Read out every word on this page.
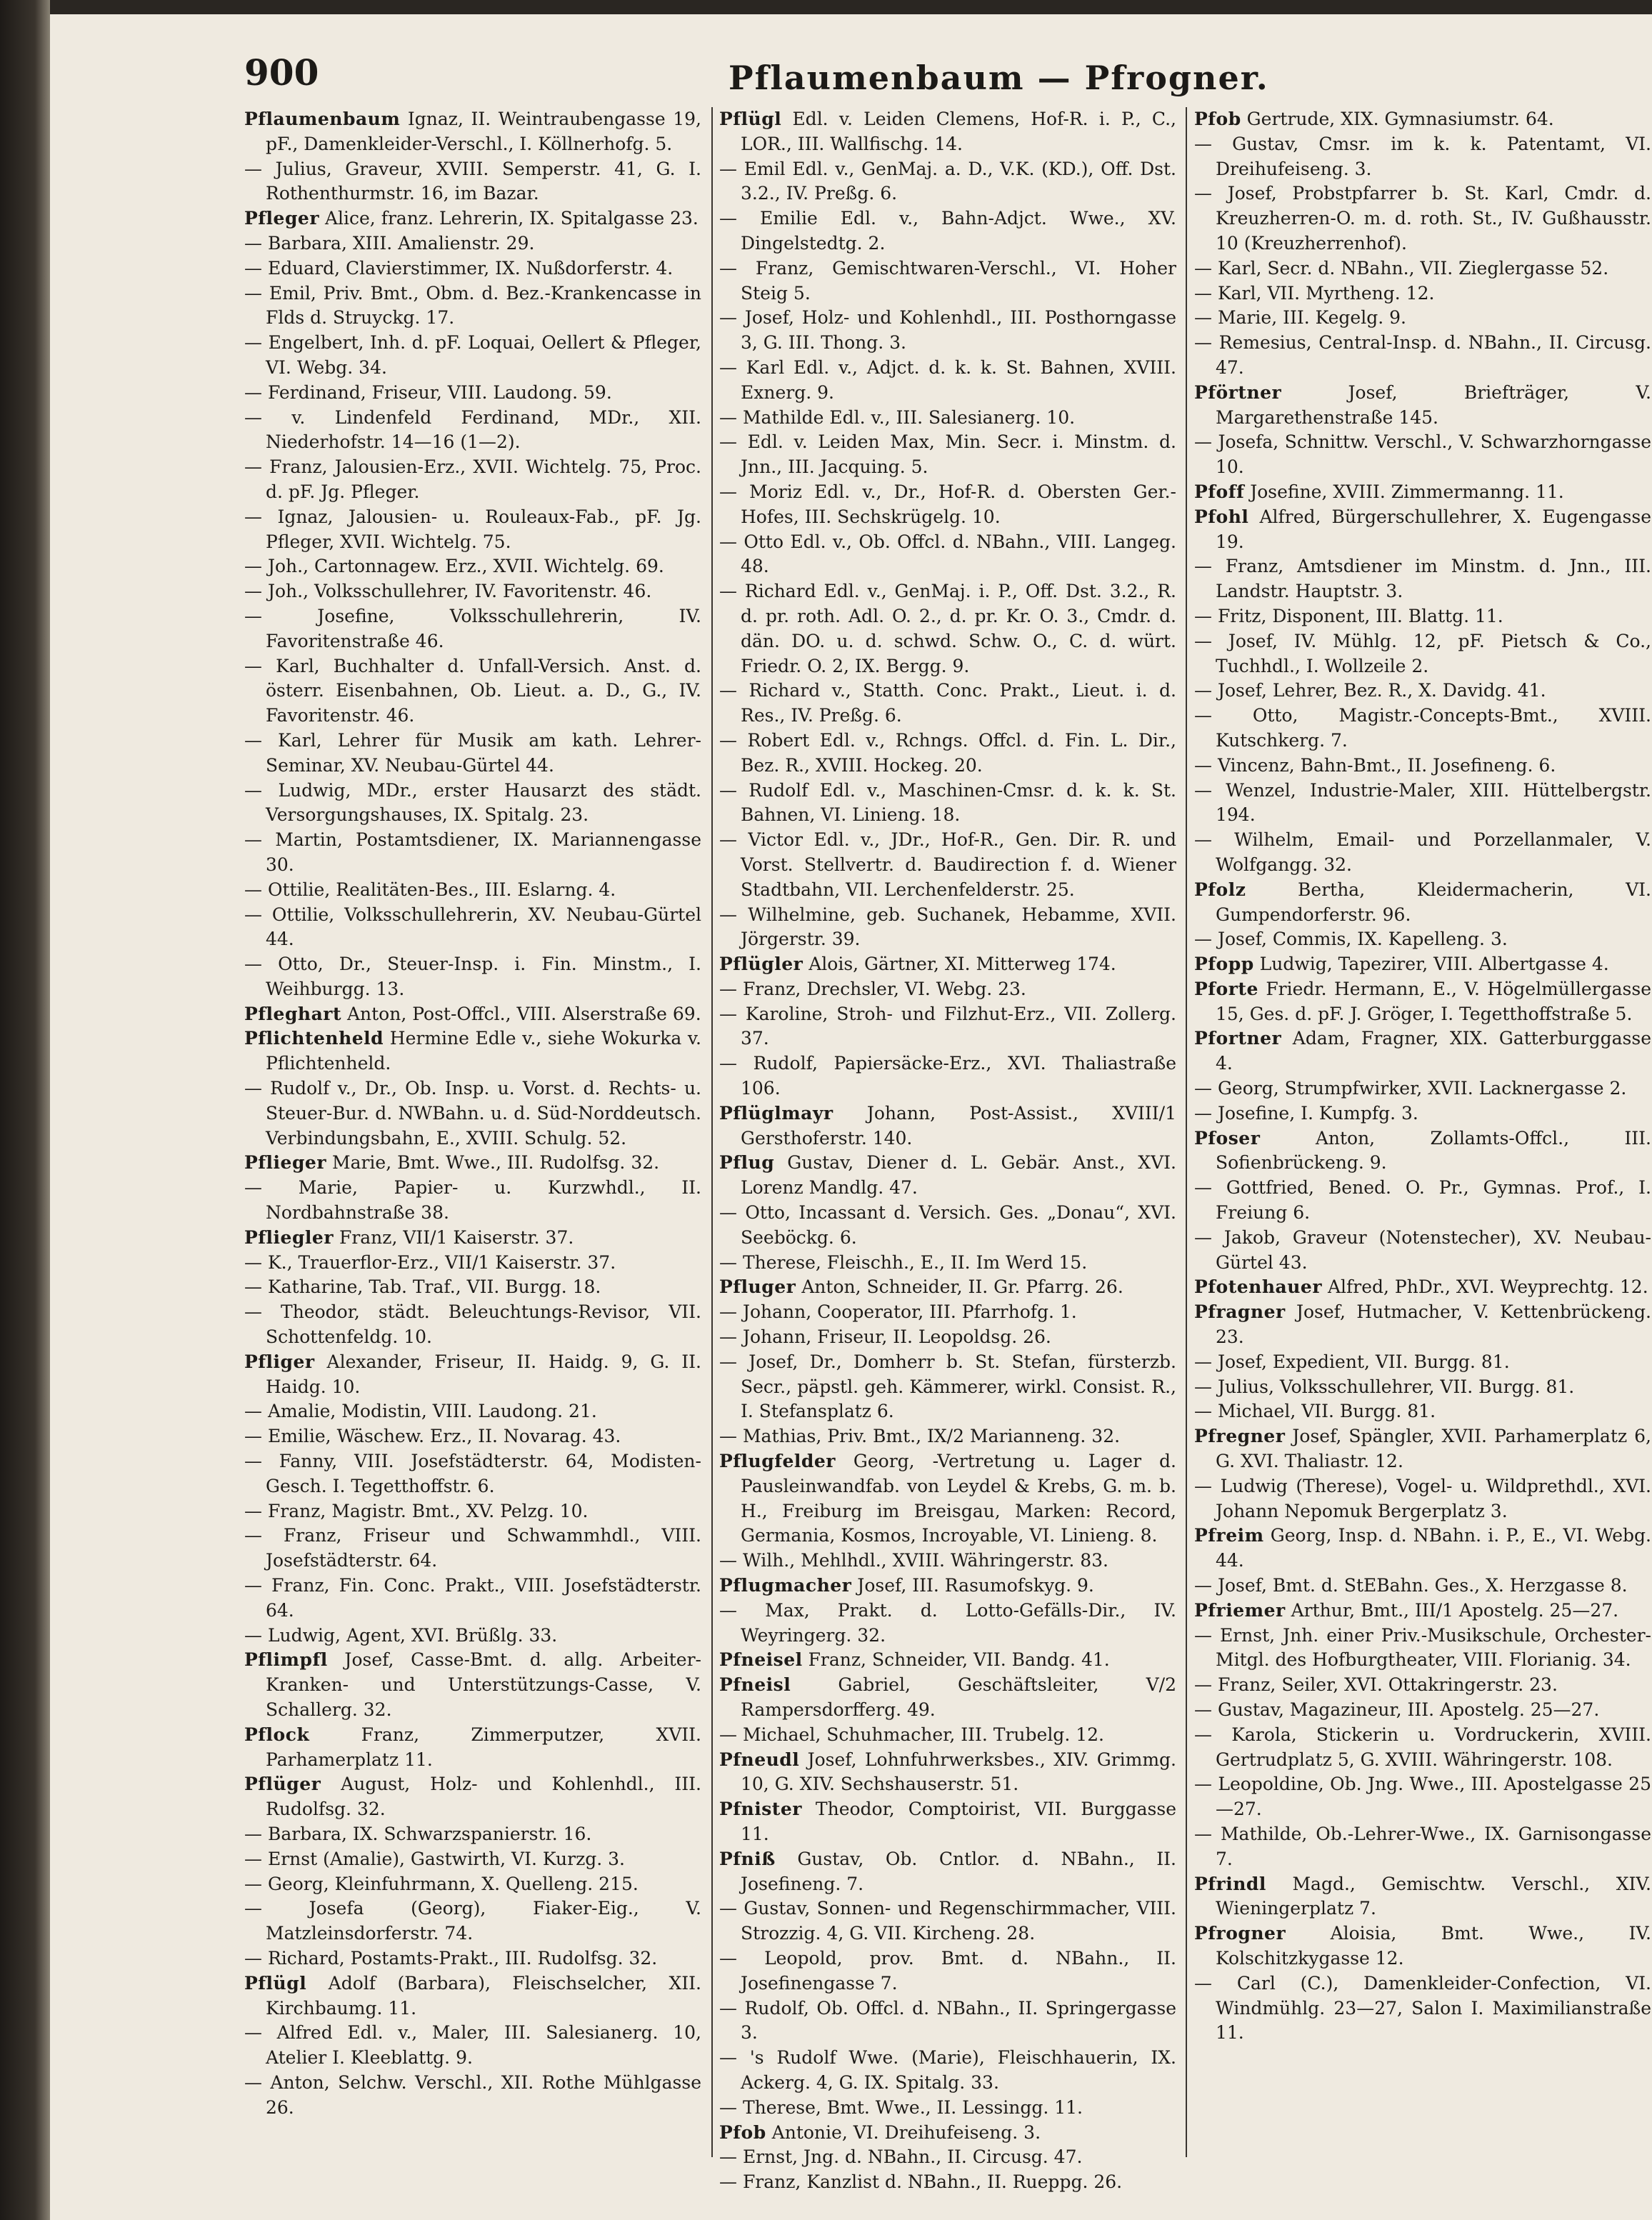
900	Pflaumenbaum — Pfrogner.

Pflaumenbaum Ignaz, II. Weintraubengasse 19, pF., Damenkleider-Verschl., I. Köllnerhofg. 5.

— Julius, Graveur, XVIII. Semperstr. 41, G. I. Rothenthurmstr. 16, im Bazar.

Pfleger Alice, franz. Lehrerin, IX. Spitalgasse 23.

— Barbara, XIII. Amalienstr. 29.

— Eduard, Clavierstimmer, IX. Nußdorferstr. 4.

— Emil, Priv. Bmt., Obm. d. Bez.-Krankencasse in Flds d. Struyckg. 17.

— Engelbert, Inh. d. pF. Loquai, Oellert & Pfleger, VI. Webg. 34.

— Ferdinand, Friseur, VIII. Laudong. 59.

— v. Lindenfeld Ferdinand, MDr., XII. Niederhofstr. 14—16 (1—2).

— Franz, Jalousien-Erz., XVII. Wichtelg. 75, Proc. d. pF. Jg. Pfleger.

— Ignaz, Jalousien- u. Rouleaux-Fab., pF. Jg. Pfleger, XVII. Wichtelg. 75.

— Joh., Cartonnagew. Erz., XVII. Wichtelg. 69.

— Joh., Volksschullehrer, IV. Favoritenstr. 46.

— Josefine, Volksschullehrerin, IV. Favoritenstraße 46.

— Karl, Buchhalter d. Unfall-Versich. Anst. d. österr. Eisenbahnen, Ob. Lieut. a. D., G., IV. Favoritenstr. 46.

— Karl, Lehrer für Musik am kath. Lehrer-Seminar, XV. Neubau-Gürtel 44.

— Ludwig, MDr., erster Hausarzt des städt. Versorgungshauses, IX. Spitalg. 23.

— Martin, Postamtsdiener, IX. Mariannengasse 30.

— Ottilie, Realitäten-Bes., III. Eslarng. 4.

— Ottilie, Volksschullehrerin, XV. Neubau-Gürtel 44.

— Otto, Dr., Steuer-Insp. i. Fin. Minstm., I. Weihburgg. 13.

Pfleghart Anton, Post-Offcl., VIII. Alserstraße 69.

Pflichtenheld Hermine Edle v., siehe Wokurka v. Pflichtenheld.

— Rudolf v., Dr., Ob. Insp. u. Vorst. d. Rechts- u. Steuer-Bur. d. NWBahn. u. d. Süd-Norddeutsch. Verbindungsbahn, E., XVIII. Schulg. 52.

Pflieger Marie, Bmt. Wwe., III. Rudolfsg. 32.

— Marie, Papier- u. Kurzwhdl., II. Nordbahnstraße 38.

Pfliegler Franz, VII/1 Kaiserstr. 37.

— K., Trauerflor-Erz., VII/1 Kaiserstr. 37.

— Katharine, Tab. Traf., VII. Burgg. 18.

— Theodor, städt. Beleuchtungs-Revisor, VII. Schottenfeldg. 10.

Pfliger Alexander, Friseur, II. Haidg. 9, G. II. Haidg. 10.

— Amalie, Modistin, VIII. Laudong. 21.

— Emilie, Wäschew. Erz., II. Novarag. 43.

— Fanny, VIII. Josefstädterstr. 64, Modisten-Gesch. I. Tegetthoffstr. 6.

— Franz, Magistr. Bmt., XV. Pelzg. 10.

— Franz, Friseur und Schwammhdl., VIII. Josefstädterstr. 64.

— Franz, Fin. Conc. Prakt., VIII. Josefstädterstr. 64.

— Ludwig, Agent, XVI. Brüßlg. 33.

Pflimpfl Josef, Casse-Bmt. d. allg. Arbeiter-Kranken- und Unterstützungs-Casse, V. Schallerg. 32.

Pflock	Franz, Zimmerputzer, XVII. Parhamerplatz 11.

Pflüger August, Holz- und Kohlenhdl., III. Rudolfsg. 32.

— Barbara, IX. Schwarzspanierstr. 16.

— Ernst (Amalie), Gastwirth, VI. Kurzg. 3.

— Georg, Kleinfuhrmann, X. Quelleng. 215.

— Josefa (Georg), Fiaker-Eig., V. Matzleinsdorferstr. 74.

— Richard, Postamts-Prakt., III. Rudolfsg. 32.

Pflügl Adolf (Barbara), Fleischselcher, XII. Kirchbaumg. 11.

— Alfred Edl. v., Maler, III. Salesianerg. 10, Atelier I. Kleeblattg. 9.

— Anton, Selchw. Verschl., XII. Rothe Mühlgasse 26.

Pflügl Edl. v. Leiden Clemens, Hof-R. i. P., C., LOR., III. Wallfischg. 14.

— Emil Edl. v., GenMaj. a. D., V.K. (KD.), Off. Dst. 3.2., IV. Preßg. 6.

— Emilie Edl. v., Bahn-Adjct. Wwe., XV. Dingelstedtg. 2.

— Franz, Gemischtwaren-Verschl., VI. Hoher Steig 5.

— Josef, Holz- und Kohlenhdl., III. Posthorngasse 3, G. III. Thong. 3.

— Karl Edl. v., Adjct. d. k. k. St. Bahnen, XVIII. Exnerg. 9.

— Mathilde Edl. v., III. Salesianerg. 10.

— Edl. v. Leiden Max, Min. Secr. i. Minstm. d. Jnn., III. Jacquing. 5.

— Moriz Edl. v., Dr., Hof-R. d. Obersten Ger.-Hofes, III. Sechskrügelg. 10.

— Otto Edl. v., Ob. Offcl. d. NBahn., VIII. Langeg. 48.

— Richard Edl. v., GenMaj. i. P., Off. Dst. 3.2., R. d. pr. roth. Adl. O. 2., d. pr. Kr. O. 3., Cmdr. d. dän. DO. u. d. schwd. Schw. O., C. d. würt. Friedr. O. 2, IX. Bergg. 9.

— Richard v., Statth. Conc. Prakt., Lieut. i. d. Res., IV. Preßg. 6.

— Robert Edl. v., Rchngs. Offcl. d. Fin. L. Dir., Bez. R., XVIII. Hockeg. 20.

— Rudolf Edl. v., Maschinen-Cmsr. d. k. k. St. Bahnen, VI. Linieng. 18.

— Victor Edl. v., JDr., Hof-R., Gen. Dir. R. und Vorst. Stellvertr. d. Baudirection f. d. Wiener Stadtbahn, VII. Lerchenfelderstr. 25.

— Wilhelmine, geb. Suchanek, Hebamme, XVII. Jörgerstr. 39.

Pflügler Alois, Gärtner, XI. Mitterweg 174.

— Franz, Drechsler, VI. Webg. 23.

— Karoline, Stroh- und Filzhut-Erz., VII. Zollerg. 37.

— Rudolf, Papiersäcke-Erz., XVI. Thaliastraße 106.

Pflüglmayr Johann, Post-Assist., XVIII/1 Gersthoferstr. 140.

Pflug Gustav, Diener d. L. Gebär. Anst., XVI. Lorenz Mandlg. 47.

— Otto, Incassant d. Versich. Ges. „Donau“, XVI. Seeböckg. 6.

— Therese, Fleischh., E., II. Im Werd 15.

Pfluger Anton, Schneider, II. Gr. Pfarrg. 26.

— Johann, Cooperator, III. Pfarrhofg. 1.

— Johann, Friseur, II. Leopoldsg. 26.

— Josef, Dr., Domherr b. St. Stefan, fürsterzb. Secr., päpstl. geh. Kämmerer, wirkl. Consist. R., I. Stefansplatz 6.

— Mathias, Priv. Bmt., IX/2 Marianneng. 32.

Pflugfelder Georg, -Vertretung u. Lager d. Pausleinwandfab. von Leydel & Krebs, G. m. b. H., Freiburg im Breisgau, Marken: Record, Germania, Kosmos, Incroyable, VI. Linieng. 8.

— Wilh., Mehlhdl., XVIII. Währingerstr. 83.

Pflugmacher Josef, III. Rasumofskyg. 9.

— Max, Prakt. d. Lotto-Gefälls-Dir., IV. Weyringerg. 32.

Pfneisel Franz, Schneider, VII. Bandg. 41.

Pfneisl	Gabriel, Geschäftsleiter, V/2 Rampersdorfferg. 49.

— Michael, Schuhmacher, III. Trubelg. 12.

Pfneudl Josef, Lohnfuhrwerksbes., XIV. Grimmg. 10, G. XIV. Sechshauserstr. 51.

Pfnister Theodor, Comptoirist, VII. Burggasse 11.

Pfniß Gustav, Ob. Cntlor. d. NBahn., II. Josefineng. 7.

— Gustav, Sonnen- und Regenschirmmacher, VIII. Strozzig. 4, G. VII. Kircheng. 28.

— Leopold, prov. Bmt. d. NBahn., II. Josefinengasse 7.

— Rudolf, Ob. Offcl. d. NBahn., II. Springergasse 3.

— 's Rudolf Wwe. (Marie), Fleischhauerin, IX. Ackerg. 4, G. IX. Spitalg. 33.

— Therese, Bmt. Wwe., II. Lessingg. 11.

Pfob Antonie, VI. Dreihufeiseng. 3.

— Ernst, Jng. d. NBahn., II. Circusg. 47.

— Franz, Kanzlist d. NBahn., II. Rueppg. 26.

Pfob Gertrude, XIX. Gymnasiumstr. 64.

— Gustav, Cmsr. im k. k. Patentamt, VI. Dreihufeiseng. 3.

— Josef, Probstpfarrer b. St. Karl, Cmdr. d. Kreuzherren-O. m. d. roth. St., IV. Gußhausstr. 10 (Kreuzherrenhof).

— Karl, Secr. d. NBahn., VII. Zieglergasse 52.

— Karl, VII. Myrtheng. 12.

— Marie, III. Kegelg. 9.

— Remesius, Central-Insp. d. NBahn., II. Circusg. 47.

Pförtner	Josef, Briefträger, V. Margarethenstraße 145.

— Josefa, Schnittw. Verschl., V. Schwarzhorngasse 10.

Pfoff Josefine, XVIII. Zimmermanng. 11.

Pfohl Alfred, Bürgerschullehrer, X. Eugengasse 19.

— Franz, Amtsdiener im Minstm. d. Jnn., III. Landstr. Hauptstr. 3.

— Fritz, Disponent, III. Blattg. 11.

— Josef, IV. Mühlg. 12, pF. Pietsch & Co., Tuchhdl., I. Wollzeile 2.

— Josef, Lehrer, Bez. R., X. Davidg. 41.

— Otto, Magistr.-Concepts-Bmt., XVIII. Kutschkerg. 7.

— Vincenz, Bahn-Bmt., II. Josefineng. 6.

— Wenzel, Industrie-Maler, XIII. Hüttelbergstr. 194.

— Wilhelm, Email- und Porzellanmaler, V. Wolfgangg. 32.

Pfolz	Bertha, Kleidermacherin, VI. Gumpendorferstr. 96.

— Josef, Commis, IX. Kapelleng. 3.

Pfopp Ludwig, Tapezirer, VIII. Albertgasse 4.

Pforte Friedr. Hermann, E., V. Högelmüllergasse 15, Ges. d. pF. J. Gröger, I. Tegetthoffstraße 5.

Pfortner Adam, Fragner, XIX. Gatterburggasse 4.

— Georg, Strumpfwirker, XVII. Lacknergasse 2.

— Josefine, I. Kumpfg. 3.

Pfoser	Anton, Zollamts-Offcl., III. Sofienbrückeng. 9.

— Gottfried, Bened. O. Pr., Gymnas. Prof., I. Freiung 6.

— Jakob, Graveur (Notenstecher), XV. Neubau-Gürtel 43.

Pfotenhauer Alfred, PhDr., XVI. Weyprechtg. 12.

Pfragner Josef, Hutmacher, V. Kettenbrückeng. 23.

— Josef, Expedient, VII. Burgg. 81.

— Julius, Volksschullehrer, VII. Burgg. 81.

— Michael, VII. Burgg. 81.

Pfregner Josef, Spängler, XVII. Parhamerplatz 6, G. XVI. Thaliastr. 12.

— Ludwig (Therese), Vogel- u. Wildprethdl., XVI. Johann Nepomuk Bergerplatz 3.

Pfreim Georg, Insp. d. NBahn. i. P., E., VI. Webg. 44.

— Josef, Bmt. d. StEBahn. Ges., X. Herzgasse 8.

Pfriemer Arthur, Bmt., III/1 Apostelg. 25—27.

— Ernst, Jnh. einer Priv.-Musikschule, Orchester-Mitgl. des Hofburgtheater, VIII. Florianig. 34.

— Franz, Seiler, XVI. Ottakringerstr. 23.

— Gustav, Magazineur, III. Apostelg. 25—27.

— Karola, Stickerin u. Vordruckerin, XVIII. Gertrudplatz 5, G. XVIII. Währingerstr. 108.

— Leopoldine, Ob. Jng. Wwe., III. Apostelgasse 25—27.

— Mathilde, Ob.-Lehrer-Wwe., IX. Garnisongasse 7.

Pfrindl Magd., Gemischtw. Verschl., XIV. Wieningerplatz 7.

Pfrogner Aloisia, Bmt. Wwe., IV. Kolschitzkygasse 12.

— Carl (C.), Damenkleider-Confection, VI. Windmühlg. 23—27, Salon I. Maximilianstraße 11.
